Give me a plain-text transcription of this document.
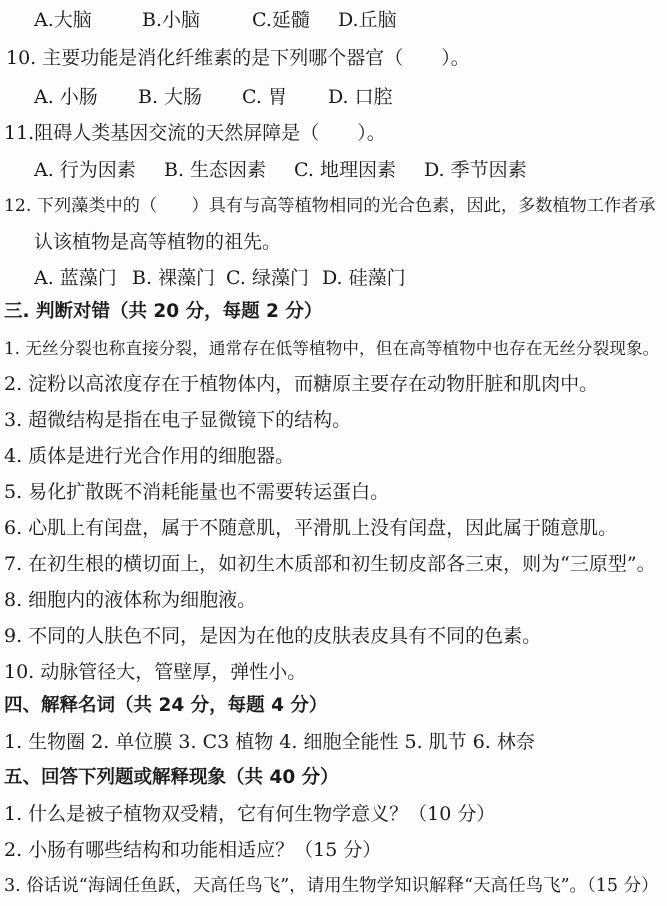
A.大脑	B.小脑	C.延髓 D.丘脑
10. 主要功能是消化纤维素的是下列哪个器官（　　）。
A. 小肠 B. 大肠 C. 胃 D. 口腔
11.阻碍人类基因交流的天然屏障是（　　）。
A. 行为因素 B. 生态因素 C. 地理因素 D. 季节因素
12. 下列藻类中的（　　）具有与高等植物相同的光合色素，因此，多数植物工作者承
认该植物是高等植物的祖先。
A. 蓝藻门 B. 裸藻门 C. 绿藻门 D. 硅藻门
三. 判断对错（共 20 分，每题 2 分）
1. 无丝分裂也称直接分裂，通常存在低等植物中，但在高等植物中也存在无丝分裂现象。
2. 淀粉以高浓度存在于植物体内，而糖原主要存在动物肝脏和肌肉中。
3. 超微结构是指在电子显微镜下的结构。
4. 质体是进行光合作用的细胞器。
5. 易化扩散既不消耗能量也不需要转运蛋白。
6. 心肌上有闰盘，属于不随意肌，平滑肌上没有闰盘，因此属于随意肌。
7. 在初生根的横切面上，如初生木质部和初生韧皮部各三束，则为“三原型”。
8. 细胞内的液体称为细胞液。
9. 不同的人肤色不同，是因为在他的皮肤表皮具有不同的色素。
10. 动脉管径大，管壁厚，弹性小。
四、解释名词（共 24 分，每题 4 分）
1. 生物圈 2. 单位膜 3. C3 植物 4. 细胞全能性 5. 肌节 6. 林奈
五、回答下列题或解释现象（共 40 分）
1. 什么是被子植物双受精，它有何生物学意义？（10 分）
2. 小肠有哪些结构和功能相适应？（15 分）
3. 俗话说“海阔任鱼跃，天高任鸟飞”，请用生物学知识解释“天高任鸟飞”。（15 分）
